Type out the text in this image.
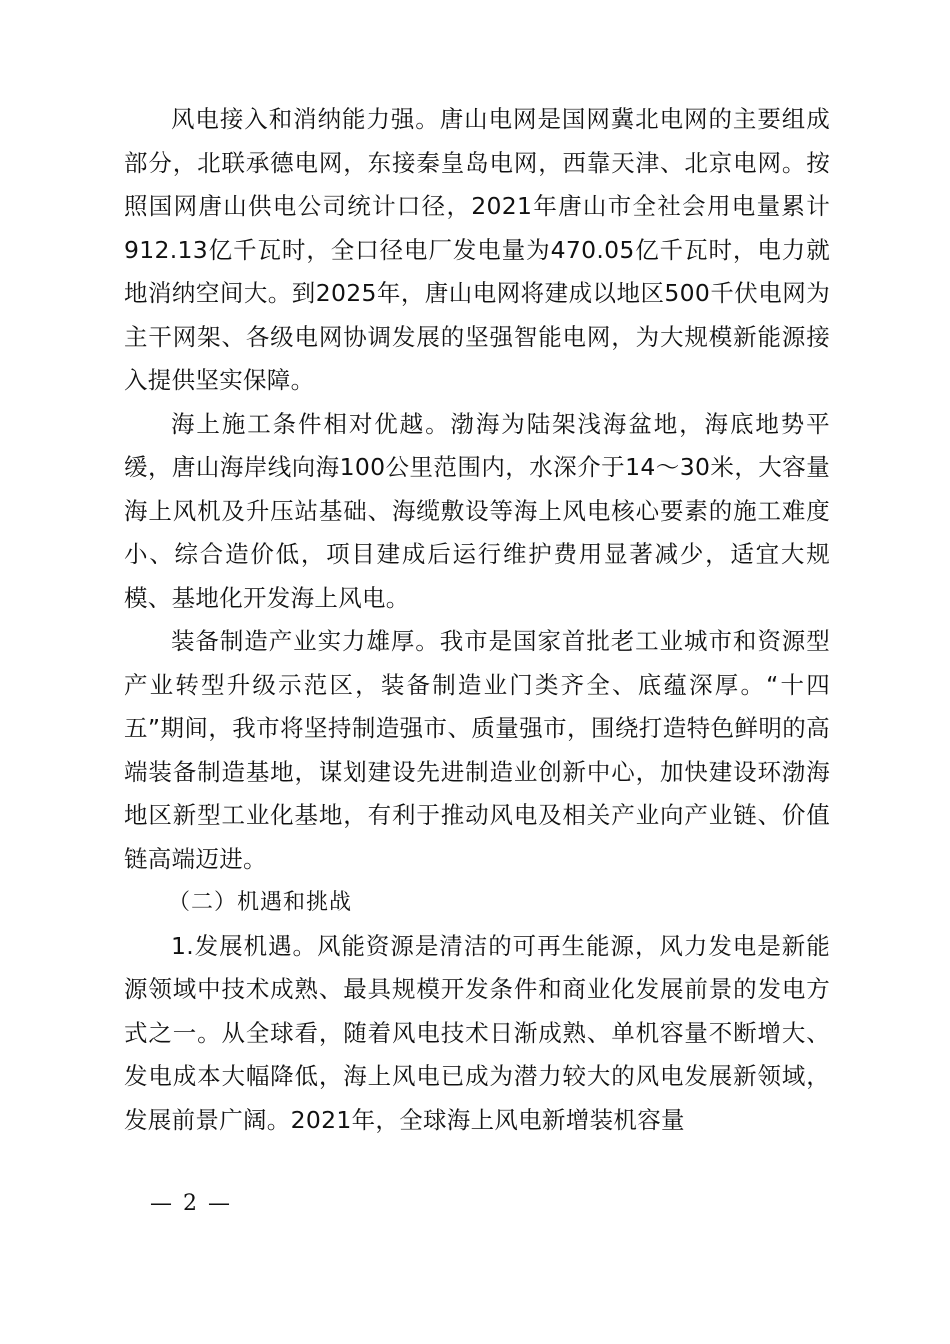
风电接入和消纳能力强。唐山电网是国网冀北电网的主要组成部分，北联承德电网，东接秦皇岛电网，西靠天津、北京电网。按照国网唐山供电公司统计口径，2021年唐山市全社会用电量累计912.13亿千瓦时，全口径电厂发电量为470.05亿千瓦时，电力就地消纳空间大。到2025年，唐山电网将建成以地区500千伏电网为主干网架、各级电网协调发展的坚强智能电网，为大规模新能源接入提供坚实保障。

海上施工条件相对优越。渤海为陆架浅海盆地，海底地势平缓，唐山海岸线向海100公里范围内，水深介于14～30米，大容量海上风机及升压站基础、海缆敷设等海上风电核心要素的施工难度小、综合造价低，项目建成后运行维护费用显著减少，适宜大规模、基地化开发海上风电。

装备制造产业实力雄厚。我市是国家首批老工业城市和资源型产业转型升级示范区，装备制造业门类齐全、底蕴深厚。“十四五”期间，我市将坚持制造强市、质量强市，围绕打造特色鲜明的高端装备制造基地，谋划建设先进制造业创新中心，加快建设环渤海地区新型工业化基地，有利于推动风电及相关产业向产业链、价值链高端迈进。

（二）机遇和挑战

1.发展机遇。风能资源是清洁的可再生能源，风力发电是新能源领域中技术成熟、最具规模开发条件和商业化发展前景的发电方式之一。从全球看，随着风电技术日渐成熟、单机容量不断增大、发电成本大幅降低，海上风电已成为潜力较大的风电发展新领域，发展前景广阔。2021年，全球海上风电新增装机容量

— 2 —
